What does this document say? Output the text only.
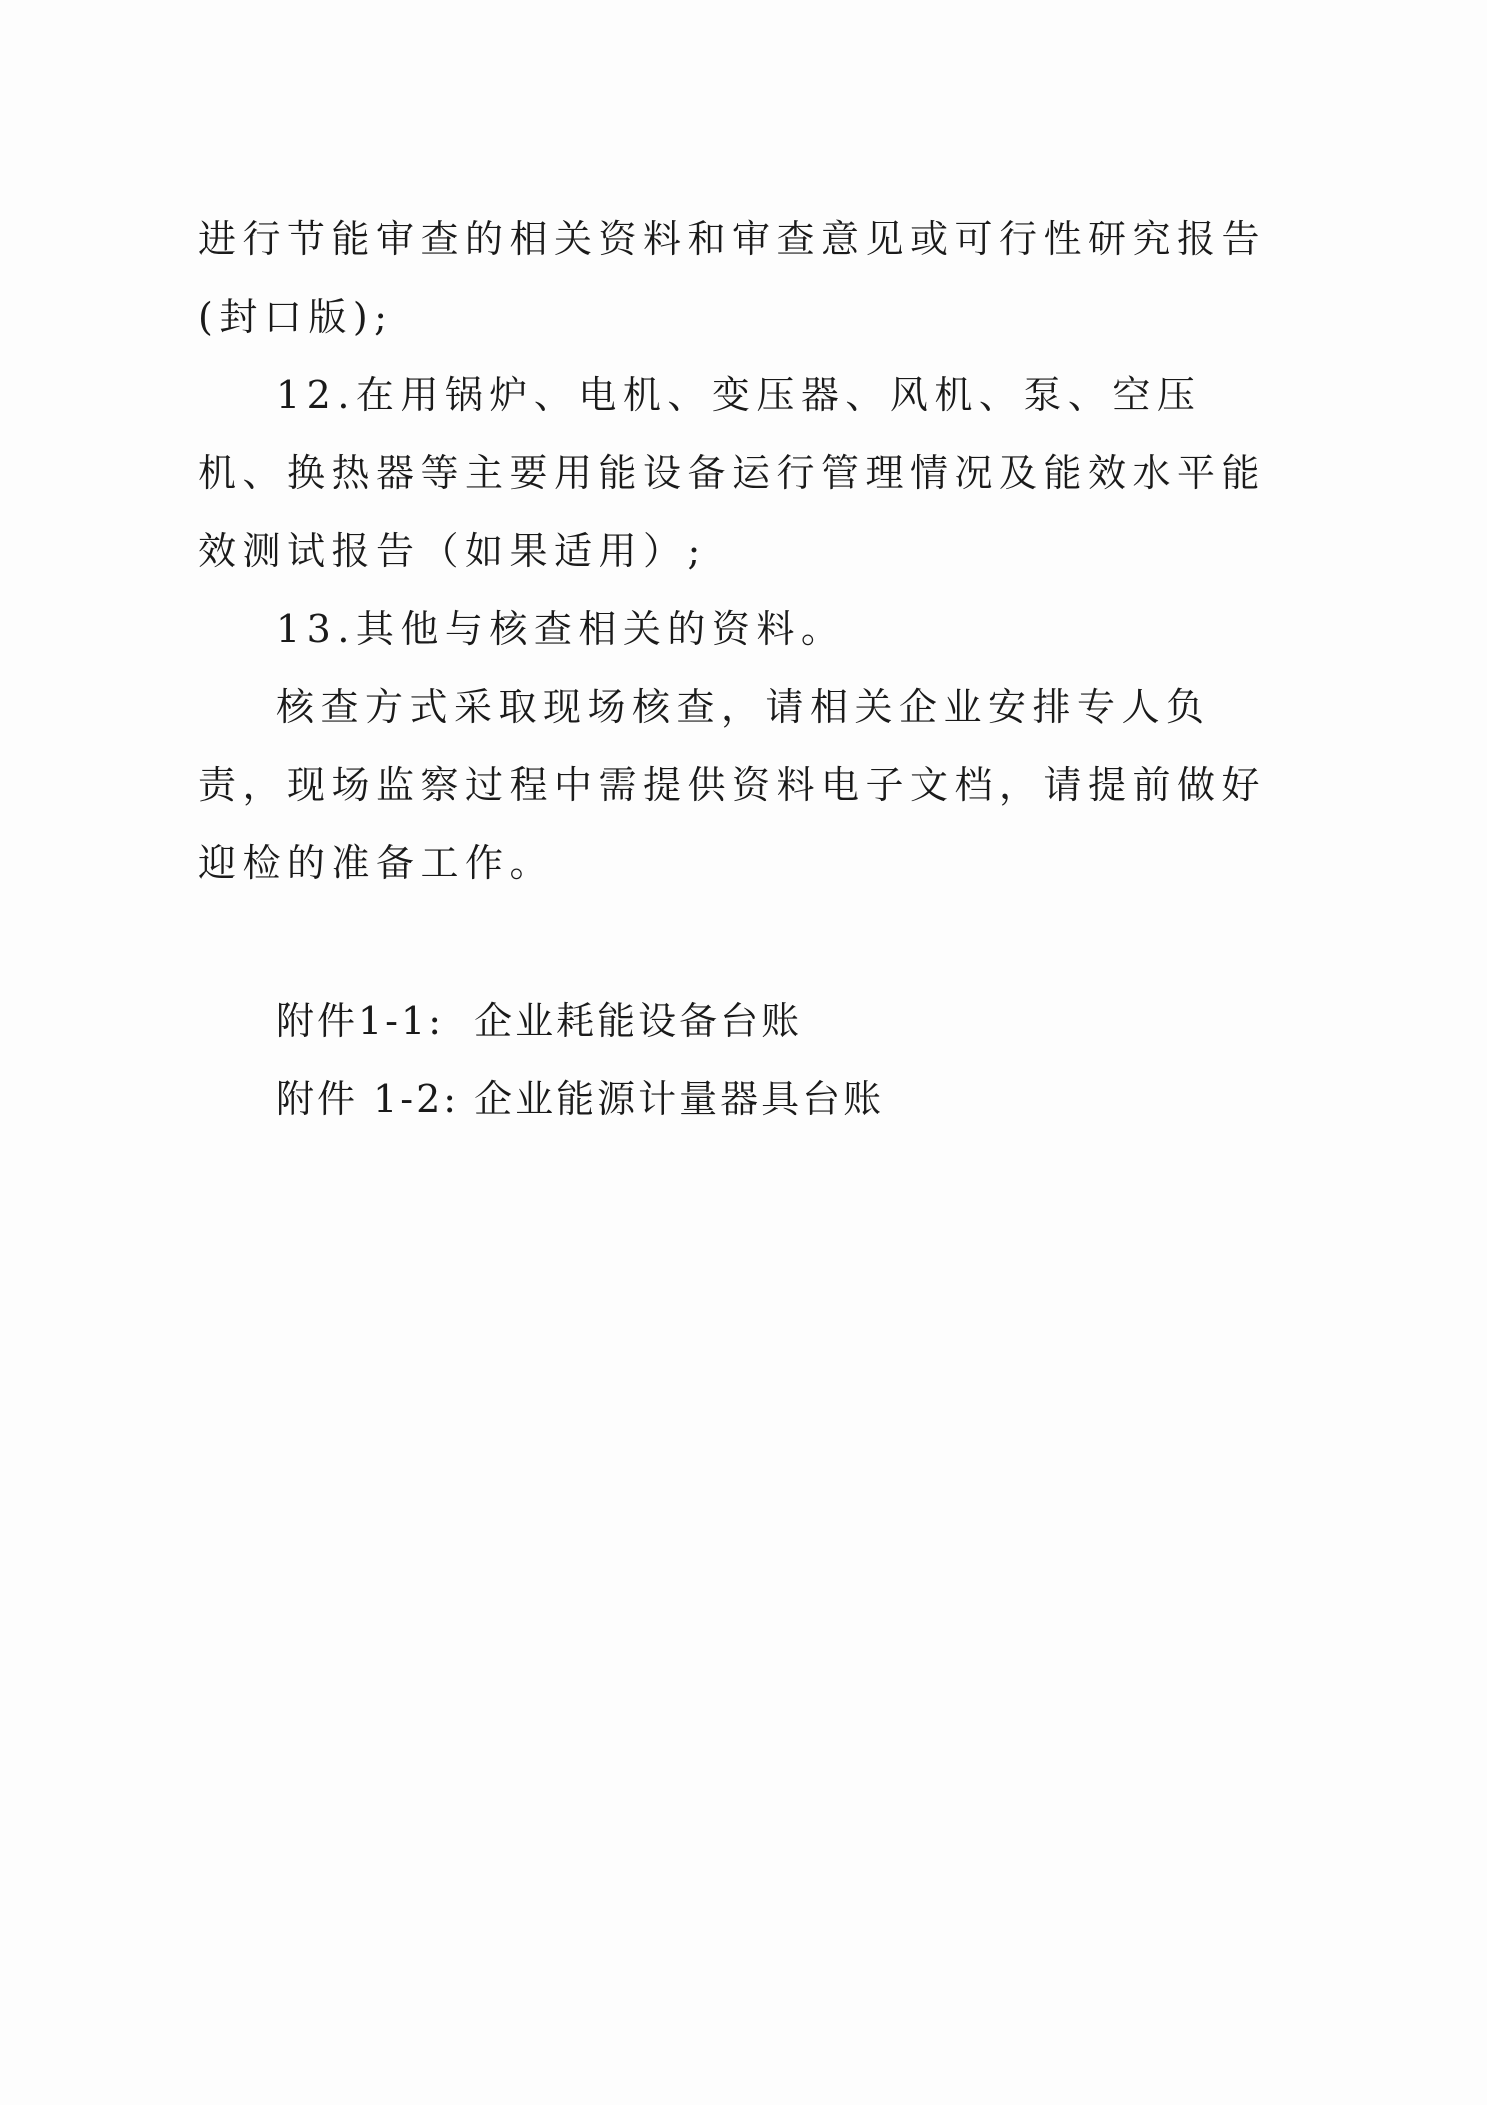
进行节能审查的相关资料和审查意见或可行性研究报告(封口版);

12.在用锅炉、电机、变压器、风机、泵、空压机、换热器等主要用能设备运行管理情况及能效水平能效测试报告（如果适用）;

13.其他与核查相关的资料。

核查方式采取现场核查，请相关企业安排专人负责，现场监察过程中需提供资料电子文档，请提前做好迎检的准备工作。

附件1-1:  企业耗能设备台账

附件 1-2: 企业能源计量器具台账
